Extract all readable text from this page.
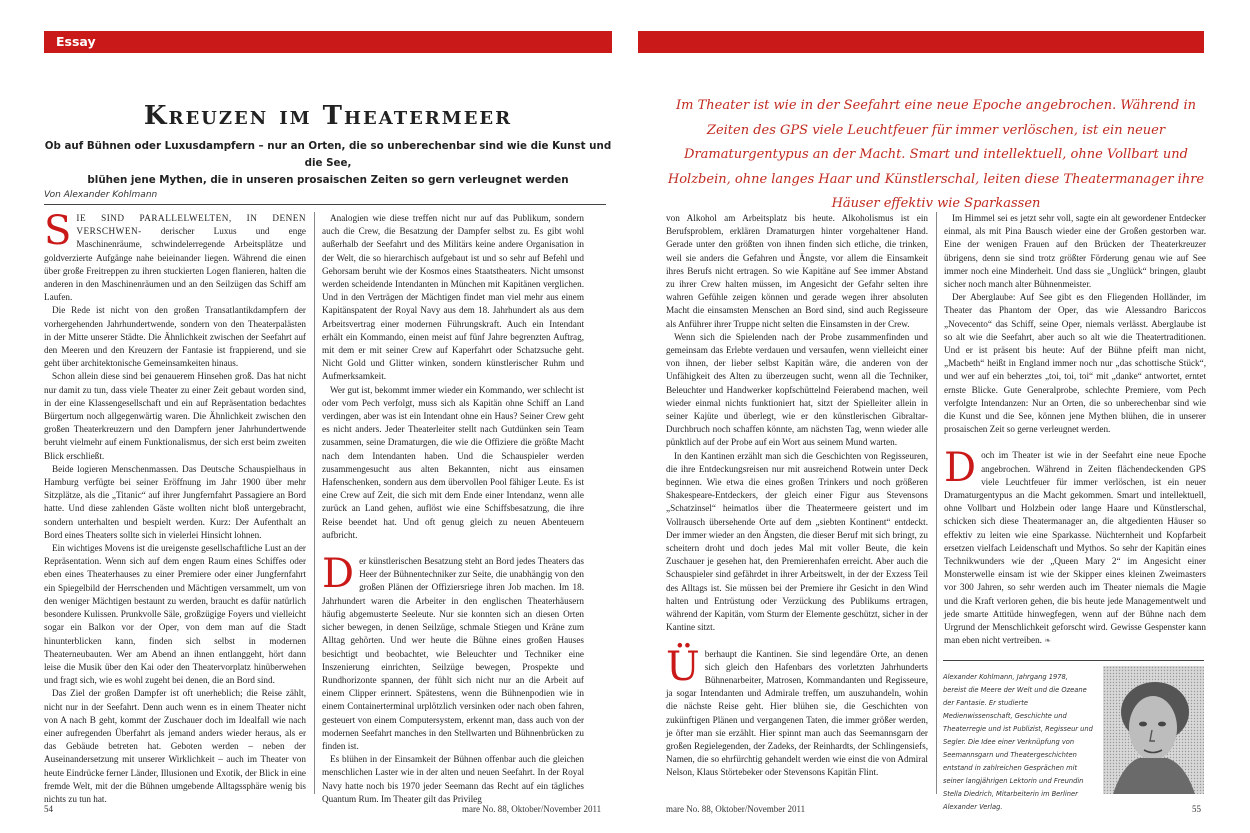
Essay
Kreuzen im Theatermeer
Ob auf Bühnen oder Luxusdampfern – nur an Orten, die so unberechenbar sind wie die Kunst und die See,
blühen jene Mythen, die in unseren prosaischen Zeiten so gern verleugnet werden
Von Alexander Kohlmann
Im Theater ist wie in der Seefahrt eine neue Epoche angebrochen. Während in Zeiten des GPS viele Leuchtfeuer für immer verlöschen, ist ein neuer Dramaturgentypus an der Macht. Smart und intellektuell, ohne Vollbart und Holzbein, ohne langes Haar und Künstlerschal, leiten diese Theatermanager ihre Häuser effektiv wie Sparkassen

SIE SIND PARALLELWELTEN, IN DENEN VERSCHWEN- derischer Luxus und enge Maschinenräume, schwindelerregende Arbeitsplätze und goldverzierte Aufgänge nahe beieinander liegen. Während die einen über große Freitreppen zu ihren stuckierten Logen flanieren, halten die anderen in den Maschinenräumen und an den Seilzügen das Schiff am Laufen.

Die Rede ist nicht von den großen Transatlantikdampfern der vorhergehenden Jahrhundertwende, sondern von den Theaterpalästen in der Mitte unserer Städte. Die Ähnlichkeit zwischen der Seefahrt auf den Meeren und den Kreuzern der Fantasie ist frappierend, und sie geht über architektonische Gemeinsamkeiten hinaus.

Schon allein diese sind bei genauerem Hinsehen groß. Das hat nicht nur damit zu tun, dass viele Theater zu einer Zeit gebaut worden sind, in der eine Klassengesellschaft und ein auf Repräsentation bedachtes Bürgertum noch allgegenwärtig waren. Die Ähnlichkeit zwischen den großen Theaterkreuzern und den Dampfern jener Jahrhundertwende beruht vielmehr auf einem Funktionalismus, der sich erst beim zweiten Blick erschließt.

Beide logieren Menschenmassen. Das Deutsche Schauspielhaus in Hamburg verfügte bei seiner Eröffnung im Jahr 1900 über mehr Sitzplätze, als die „Titanic“ auf ihrer Jungfernfahrt Passagiere an Bord hatte. Und diese zahlenden Gäste wollten nicht bloß untergebracht, sondern unterhalten und bespielt werden. Kurz: Der Aufenthalt an Bord eines Theaters sollte sich in vielerlei Hinsicht lohnen.

Ein wichtiges Movens ist die ureigenste gesellschaftliche Lust an der Repräsentation. Wenn sich auf dem engen Raum eines Schiffes oder eben eines Theaterhauses zu einer Premiere oder einer Jungfernfahrt ein Spiegelbild der Herrschenden und Mächtigen versammelt, um von den weniger Mächtigen bestaunt zu werden, braucht es dafür natürlich besondere Kulissen. Prunkvolle Säle, großzügige Foyers und vielleicht sogar ein Balkon vor der Oper, von dem man auf die Stadt hinunterblicken kann, finden sich selbst in modernen Theaterneubauten. Wer am Abend an ihnen entlanggeht, hört dann leise die Musik über den Kai oder den Theatervorplatz hinüberwehen und fragt sich, wie es wohl zugeht bei denen, die an Bord sind.

Das Ziel der großen Dampfer ist oft unerheblich; die Reise zählt, nicht nur in der Seefahrt. Denn auch wenn es in einem Theater nicht von A nach B geht, kommt der Zuschauer doch im Idealfall wie nach einer aufregenden Überfahrt als jemand anders wieder heraus, als er das Gebäude betreten hat. Geboten werden – neben der Auseinandersetzung mit unserer Wirklichkeit – auch im Theater von heute Eindrücke ferner Länder, Illusionen und Exotik, der Blick in eine fremde Welt, mit der die Bühnen umgebende Alltagssphäre wenig bis nichts zu tun hat.

Analogien wie diese treffen nicht nur auf das Publikum, sondern auch die Crew, die Besatzung der Dampfer selbst zu. Es gibt wohl außerhalb der Seefahrt und des Militärs keine andere Organisation in der Welt, die so hierarchisch aufgebaut ist und so sehr auf Befehl und Gehorsam beruht wie der Kosmos eines Staatstheaters. Nicht umsonst werden scheidende Intendanten in München mit Kapitänen verglichen. Und in den Verträgen der Mächtigen findet man viel mehr aus einem Kapitänspatent der Royal Navy aus dem 18. Jahrhundert als aus dem Arbeitsvertrag einer modernen Führungskraft. Auch ein Intendant erhält ein Kommando, einen meist auf fünf Jahre begrenzten Auftrag, mit dem er mit seiner Crew auf Kaperfahrt oder Schatzsuche geht. Nicht Gold und Glitter winken, sondern künstlerischer Ruhm und Aufmerksamkeit.

Wer gut ist, bekommt immer wieder ein Kommando, wer schlecht ist oder vom Pech verfolgt, muss sich als Kapitän ohne Schiff an Land verdingen, aber was ist ein Intendant ohne ein Haus? Seiner Crew geht es nicht anders. Jeder Theaterleiter stellt nach Gutdünken sein Team zusammen, seine Dramaturgen, die wie die Offiziere die größte Macht nach dem Intendanten haben. Und die Schauspieler werden zusammengesucht aus alten Bekannten, nicht aus einsamen Hafenschenken, sondern aus dem übervollen Pool fähiger Leute. Es ist eine Crew auf Zeit, die sich mit dem Ende einer Intendanz, wenn alle zurück an Land gehen, auflöst wie eine Schiffsbesatzung, die ihre Reise beendet hat. Und oft genug gleich zu neuen Abenteuern aufbricht.

Der künstlerischen Besatzung steht an Bord jedes Theaters das Heer der Bühnentechniker zur Seite, die unabhängig von den großen Plänen der Offiziersriege ihren Job machen. Im 18. Jahrhundert waren die Arbeiter in den englischen Theaterhäusern häufig abgemusterte Seeleute. Nur sie konnten sich an diesen Orten sicher bewegen, in denen Seilzüge, schmale Stiegen und Kräne zum Alltag gehörten. Und wer heute die Bühne eines großen Hauses besichtigt und beobachtet, wie Beleuchter und Techniker eine Inszenierung einrichten, Seilzüge bewegen, Prospekte und Rundhorizonte spannen, der fühlt sich nicht nur an die Arbeit auf einem Clipper erinnert. Spätestens, wenn die Bühnenpodien wie in einem Containerterminal urplötzlich versinken oder nach oben fahren, gesteuert von einem Computersystem, erkennt man, dass auch von der modernen Seefahrt manches in den Stellwarten und Bühnenbrücken zu finden ist.

Es blühen in der Einsamkeit der Bühnen offenbar auch die gleichen menschlichen Laster wie in der alten und neuen Seefahrt. In der Royal Navy hatte noch bis 1970 jeder Seemann das Recht auf ein tägliches Quantum Rum. Im Theater gilt das Privileg

von Alkohol am Arbeitsplatz bis heute. Alkoholismus ist ein Berufsproblem, erklären Dramaturgen hinter vorgehaltener Hand. Gerade unter den größten von ihnen finden sich etliche, die trinken, weil sie anders die Gefahren und Ängste, vor allem die Einsamkeit ihres Berufs nicht ertragen. So wie Kapitäne auf See immer Abstand zu ihrer Crew halten müssen, im Angesicht der Gefahr selten ihre wahren Gefühle zeigen können und gerade wegen ihrer absoluten Macht die einsamsten Menschen an Bord sind, sind auch Regisseure als Anführer ihrer Truppe nicht selten die Einsamsten in der Crew.

Wenn sich die Spielenden nach der Probe zusammenfinden und gemeinsam das Erlebte verdauen und versaufen, wenn vielleicht einer von ihnen, der lieber selbst Kapitän wäre, die anderen von der Unfähigkeit des Alten zu überzeugen sucht, wenn all die Techniker, Beleuchter und Handwerker kopfschüttelnd Feierabend machen, weil wieder einmal nichts funktioniert hat, sitzt der Spielleiter allein in seiner Kajüte und überlegt, wie er den künstlerischen Gibraltar-Durchbruch noch schaffen könnte, am nächsten Tag, wenn wieder alle pünktlich auf der Probe auf ein Wort aus seinem Mund warten.

In den Kantinen erzählt man sich die Geschichten von Regisseuren, die ihre Entdeckungsreisen nur mit ausreichend Rotwein unter Deck beginnen. Wie etwa die eines großen Trinkers und noch größeren Shakespeare-Entdeckers, der gleich einer Figur aus Stevensons „Schatzinsel“ heimatlos über die Theatermeere geistert und im Vollrausch übersehende Orte auf dem „siebten Kontinent“ entdeckt. Der immer wieder an den Ängsten, die dieser Beruf mit sich bringt, zu scheitern droht und doch jedes Mal mit voller Beute, die kein Zuschauer je gesehen hat, den Premierenhafen erreicht. Aber auch die Schauspieler sind gefährdet in ihrer Arbeitswelt, in der der Exzess Teil des Alltags ist. Sie müssen bei der Premiere ihr Gesicht in den Wind halten und Entrüstung oder Verzückung des Publikums ertragen, während der Kapitän, vom Sturm der Elemente geschützt, sicher in der Kantine sitzt.

Überhaupt die Kantinen. Sie sind legendäre Orte, an denen sich gleich den Hafenbars des vorletzten Jahrhunderts Bühnenarbeiter, Matrosen, Kommandanten und Regisseure, ja sogar Intendanten und Admirale treffen, um auszuhandeln, wohin die nächste Reise geht. Hier blühen sie, die Geschichten von zukünftigen Plänen und vergangenen Taten, die immer größer werden, je öfter man sie erzählt. Hier spinnt man auch das Seemannsgarn der großen Regielegenden, der Zadeks, der Reinhardts, der Schlingensiefs, Namen, die so ehrfürchtig gehandelt werden wie einst die von Admiral Nelson, Klaus Störtebeker oder Stevensons Kapitän Flint.

Im Himmel sei es jetzt sehr voll, sagte ein alt gewordener Entdecker einmal, als mit Pina Bausch wieder eine der Großen gestorben war. Eine der wenigen Frauen auf den Brücken der Theaterkreuzer übrigens, denn sie sind trotz größter Förderung genau wie auf See immer noch eine Minderheit. Und dass sie „Unglück“ bringen, glaubt sicher noch manch alter Bühnenmeister.

Der Aberglaube: Auf See gibt es den Fliegenden Holländer, im Theater das Phantom der Oper, das wie Alessandro Bariccos „Novecento“ das Schiff, seine Oper, niemals verlässt. Aberglaube ist so alt wie die Seefahrt, aber auch so alt wie die Theatertraditionen. Und er ist präsent bis heute: Auf der Bühne pfeift man nicht, „Macbeth“ heißt in England immer noch nur „das schottische Stück“, und wer auf ein beherztes „toi, toi, toi“ mit „danke“ antwortet, erntet ernste Blicke. Gute Generalprobe, schlechte Premiere, vom Pech verfolgte Intendanzen: Nur an Orten, die so unberechenbar sind wie die Kunst und die See, können jene Mythen blühen, die in unserer prosaischen Zeit so gerne verleugnet werden.

Doch im Theater ist wie in der Seefahrt eine neue Epoche angebrochen. Während in Zeiten flächendeckenden GPS viele Leuchtfeuer für immer verlöschen, ist ein neuer Dramaturgentypus an die Macht gekommen. Smart und intellektuell, ohne Vollbart und Holzbein oder lange Haare und Künstlerschal, schicken sich diese Theatermanager an, die altgedienten Häuser so effektiv zu leiten wie eine Sparkasse. Nüchternheit und Kopfarbeit ersetzen vielfach Leidenschaft und Mythos. So sehr der Kapitän eines Technikwunders wie der „Queen Mary 2“ im Angesicht einer Monsterwelle einsam ist wie der Skipper eines kleinen Zweimasters vor 300 Jahren, so sehr werden auch im Theater niemals die Magie und die Kraft verloren gehen, die bis heute jede Managementwelt und jede smarte Attitüde hinwegfegen, wenn auf der Bühne nach dem Urgrund der Menschlichkeit geforscht wird. Gewisse Gespenster kann man eben nicht vertreiben. ❧

Alexander Kohlmann, Jahrgang 1978, bereist die Meere der Welt und die Ozeane der Fantasie. Er studierte Medienwissenschaft, Geschichte und Theaterregie und ist Publizist, Regisseur und Segler. Die Idee einer Verknüpfung von Seemannsgarn und Theatergeschichten entstand in zahlreichen Gesprächen mit seiner langjährigen Lektorin und Freundin Stella Diedrich, Mitarbeiterin im Berliner Alexander Verlag.
54	mare No. 88, Oktober/November 2011	mare No. 88, Oktober/November 2011	55
